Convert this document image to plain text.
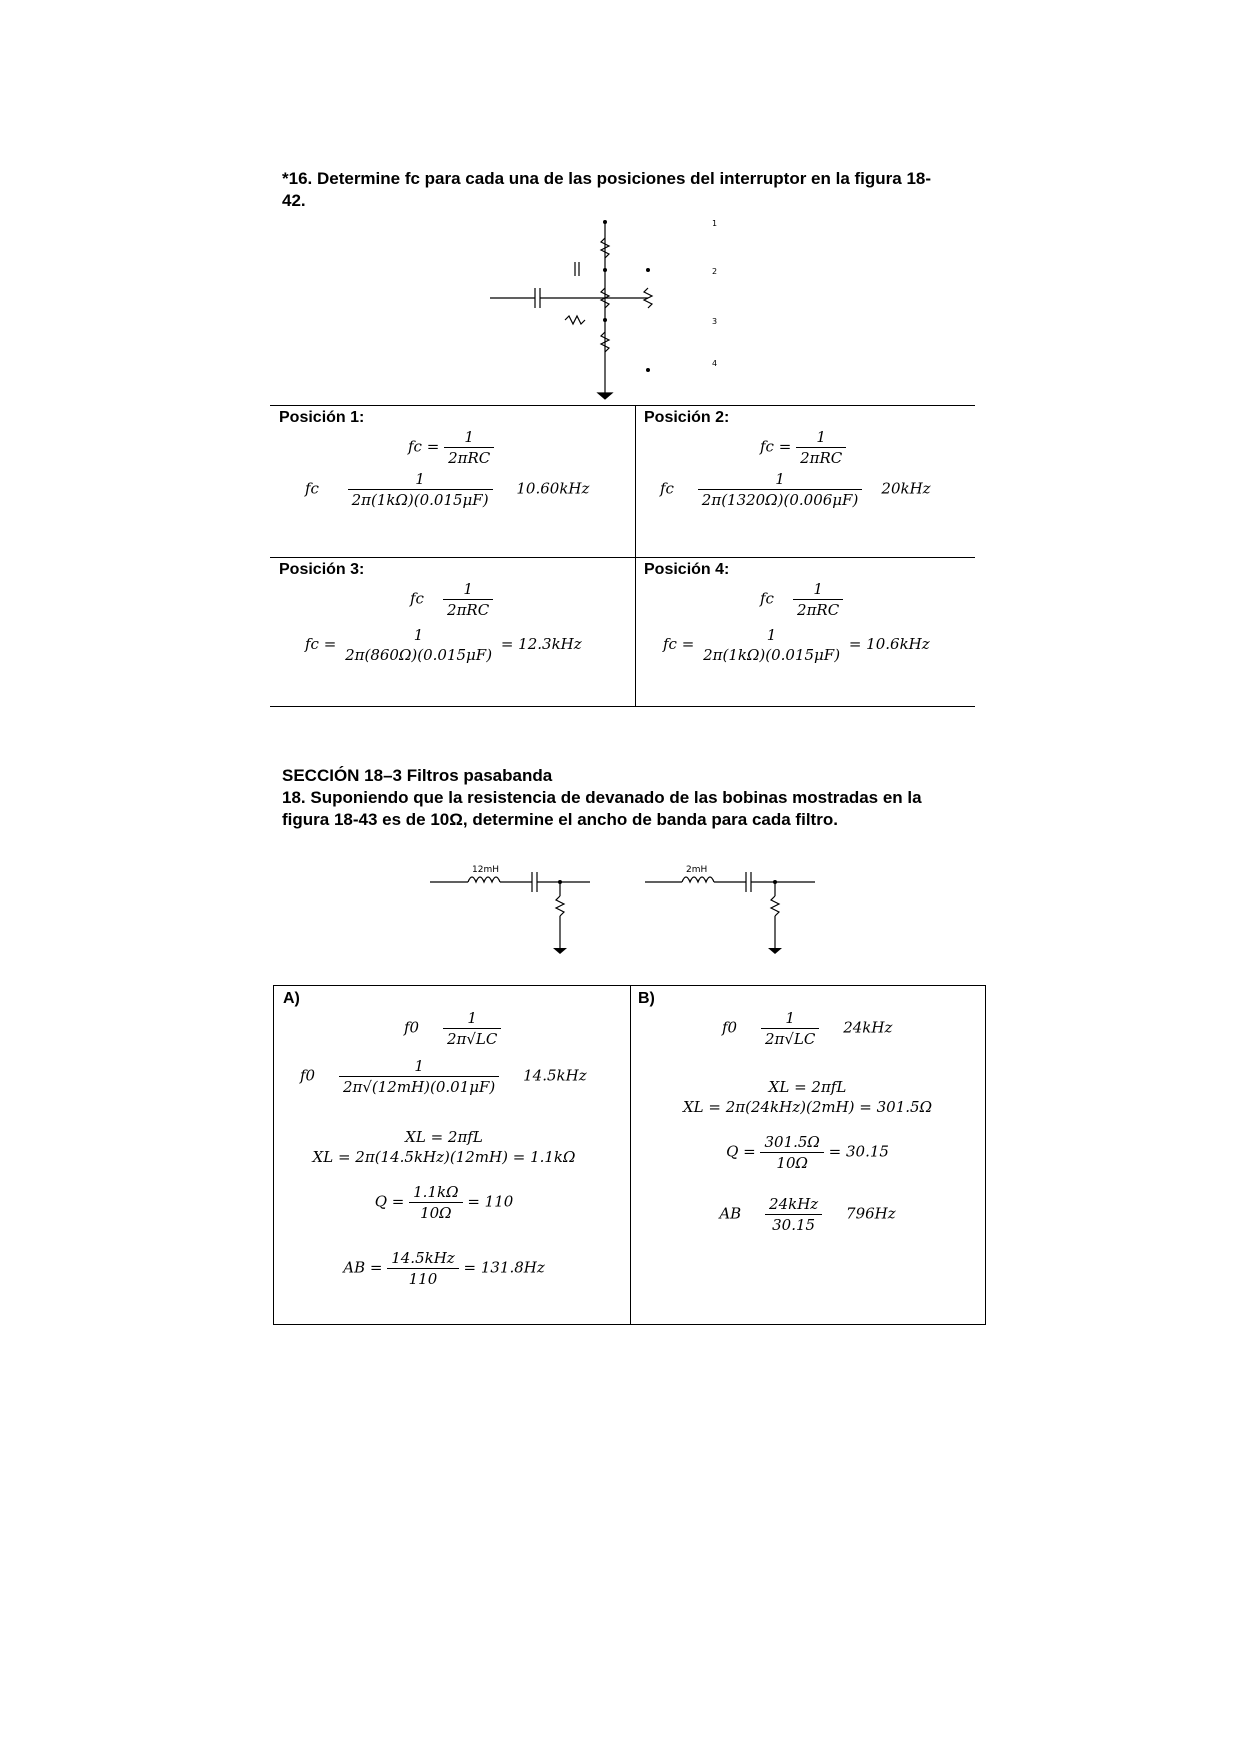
*16. Determine fc para cada una de las posiciones del interruptor en la figura 18-
42.
Posición 1:
fc = $\frac{1}{\text{2πRC}}$
fc $\frac{1}{2\pi(1k\Omega)(0.015\mu F)} 10.60kHz$
Posición 2:
fc = $\frac{1}{\text{2πRC}}$
fc $\frac{1}{2\pi(1320\Omega)(0.006\mu F)} 20kHz$
Posición 3:
fc $\frac{1}{\text{2πRC}}$
fc =	1
2π(860Ω)(0.015μF)
= 12.3kHz
Posición 4:
fc $\frac{1}{\text{2πRC}}$
fc =	1
2π(1kΩ)(0.015μF)
= 10.6kHz
SECCIÓN 18–3 Filtros pasabanda
18. Suponiendo que la resistencia de devanado de las bobinas mostradas en la
figura 18-43 es de 10Ω, determine el ancho de banda para cada filtro.
12mH	2mH
A)
$f0 \frac{1}{2\pi√LC}$
$f0 \frac{1}{2\pi√(12mH)(0.01\mu F)} 14.5kHz$
XL = 2πfL
XL = 2π(14.5kHz)(12mH) = 1.1kΩ
$Q = \frac{1.1k\Omega}{10\Omega} = 110$
AB = $\frac{\text{14.5kHz}}{110} = 131.8Hz$
B)
$f0 \frac{1}{2\pi√LC} 24kHz$
XL = 2πfL
XL = 2π(24kHz)(2mH) = 301.5Ω
$Q = \frac{301.5\Omega}{10\Omega} = 30.15$
AB $\frac{\text{24kHz}}{30.15} 796Hz$
1
2
3
4
